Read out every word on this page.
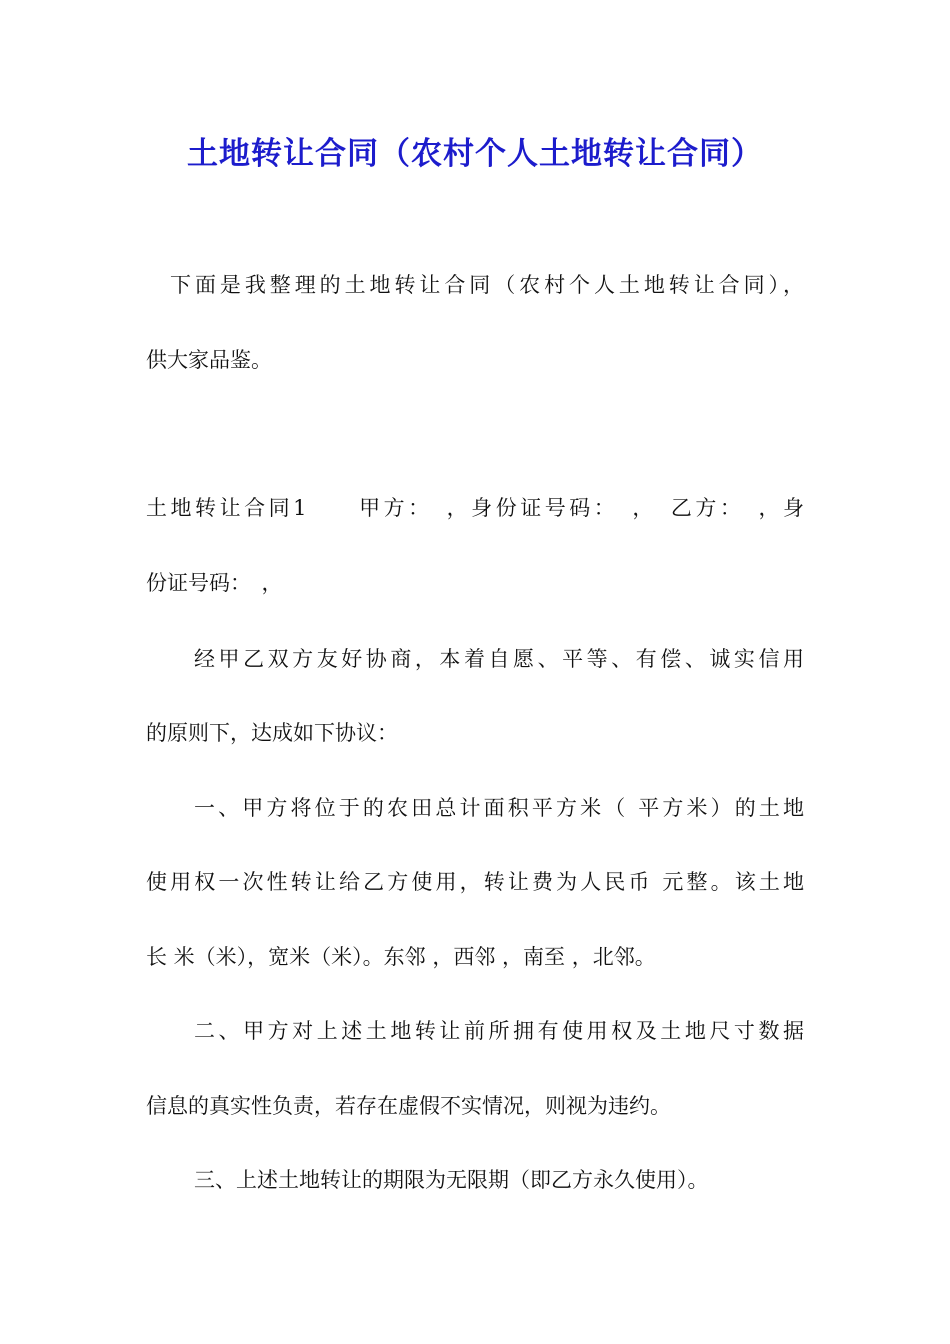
土地转让合同（农村个人土地转让合同）
下面是我整理的土地转让合同（农村个人土地转让合同），
供大家品鉴。
土地转让合同1　　甲方：　，身份证号码：　，　乙方：　，身
份证号码：　，
经甲乙双方友好协商，本着自愿、平等、有偿、诚实信用
的原则下，达成如下协议：
一、甲方将位于的农田总计面积平方米（ 平方米）的土地
使用权一次性转让给乙方使用，转让费为人民币 元整。该土地
长 米（米），宽米（米）。东邻 ，西邻 ，南至 ，北邻。
二、甲方对上述土地转让前所拥有使用权及土地尺寸数据
信息的真实性负责，若存在虚假不实情况，则视为违约。
三、上述土地转让的期限为无限期（即乙方永久使用）。
